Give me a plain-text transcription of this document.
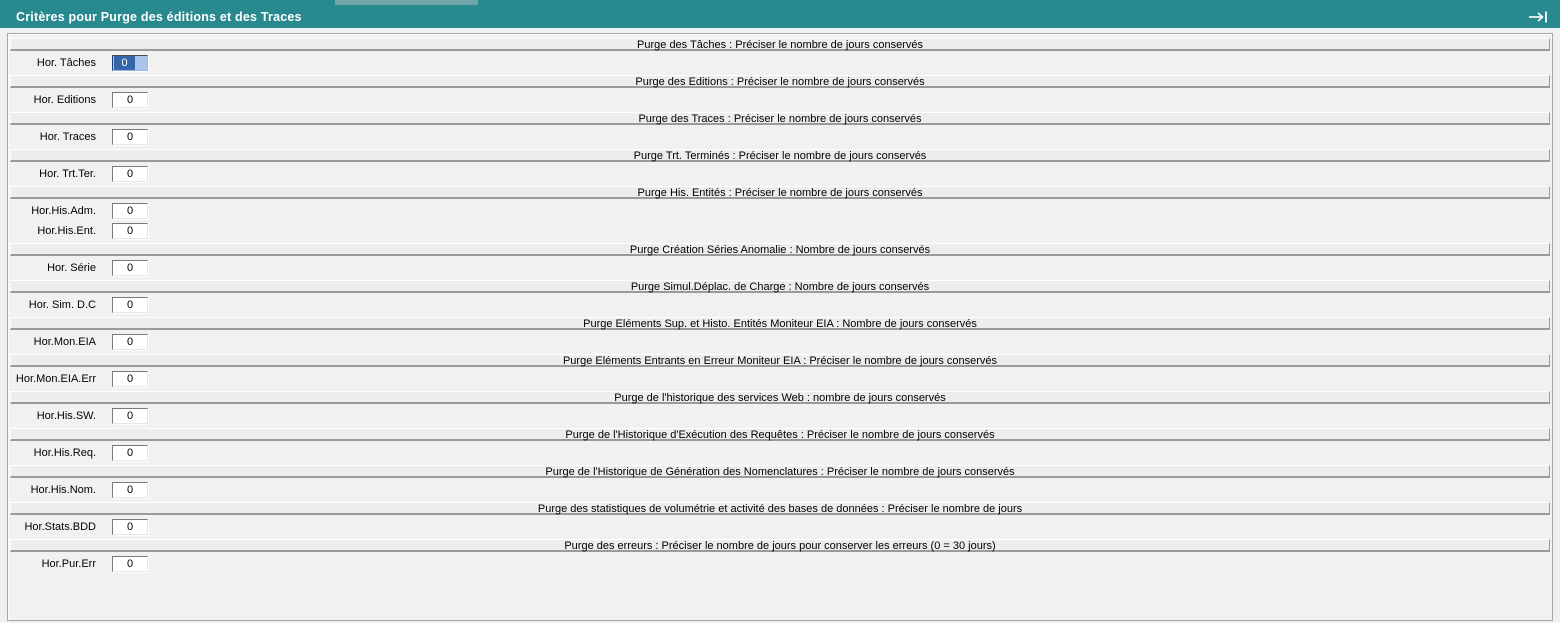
Critères pour Purge des éditions et des Traces
Purge des Tâches : Préciser le nombre de jours conservés
Hor. Tâches	0
Purge des Editions : Préciser le nombre de jours conservés
Hor. Editions	0
Purge des Traces : Préciser le nombre de jours conservés
Hor. Traces	0
Purge Trt. Terminés : Préciser le nombre de jours conservés
Hor. Trt.Ter.	0
Purge His. Entités : Préciser le nombre de jours conservés
Hor.His.Adm.	0
Hor.His.Ent.	0
Purge Création Séries Anomalie : Nombre de jours conservés
Hor. Série	0
Purge Simul.Déplac. de Charge : Nombre de jours conservés
Hor. Sim. D.C	0
Purge Eléments Sup. et Histo. Entités Moniteur EIA : Nombre de jours conservés
Hor.Mon.EIA	0
Purge Eléments Entrants en Erreur Moniteur EIA : Préciser le nombre de jours conservés
Hor.Mon.EIA.Err	0
Purge de l'historique des services Web : nombre de jours conservés
Hor.His.SW.	0
Purge de l'Historique d'Exécution des Requêtes : Préciser le nombre de jours conservés
Hor.His.Req.	0
Purge de l'Historique de Génération des Nomenclatures : Préciser le nombre de jours conservés
Hor.His.Nom.	0
Purge des statistiques de volumétrie et activité des bases de données : Préciser le nombre de jours
Hor.Stats.BDD	0
Purge des erreurs : Préciser le nombre de jours pour conserver les erreurs (0 = 30 jours)
Hor.Pur.Err	0
